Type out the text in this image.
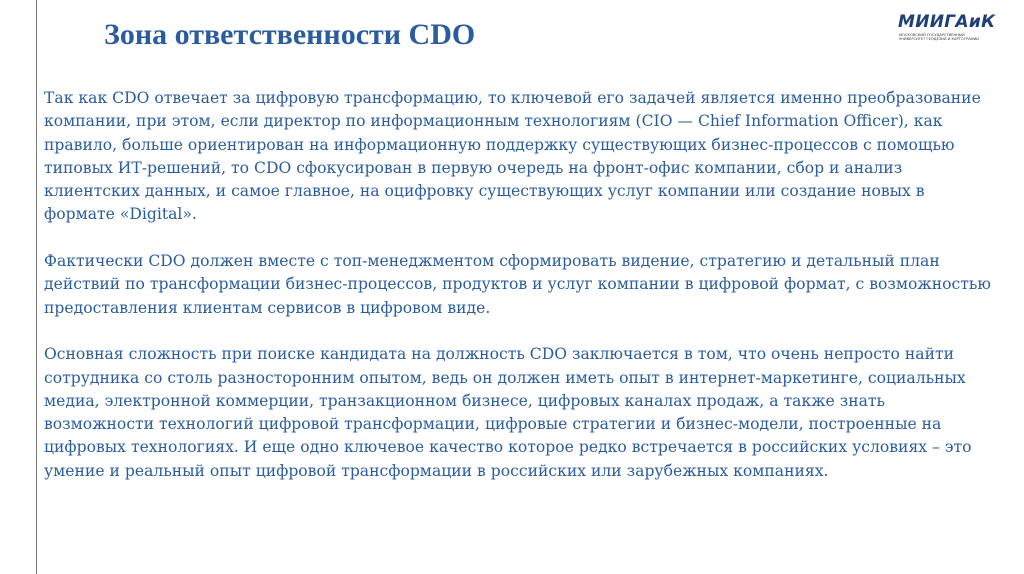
Зона ответственности CDO	МИИГАиК
МОСКОВСКИЙ ГОСУДАРСТВЕННЫЙ УНИВЕРСИТЕТ ГЕОДЕЗИИ И КАРТОГРАФИИ

Так как CDO отвечает за цифровую трансформацию, то ключевой его задачей является именно преобразование компании, при этом, если директор по информационным технологиям (CIO — Chief Information Officer), как правило, больше ориентирован на информационную поддержку существующих бизнес-процессов с помощью типовых ИТ-решений, то CDO сфокусирован в первую очередь на фронт-офис компании, сбор и анализ клиентских данных, и самое главное, на оцифровку существующих услуг компании или создание новых в формате «Digital».

Фактически CDO должен вместе с топ-менеджментом сформировать видение, стратегию и детальный план действий по трансформации бизнес-процессов, продуктов и услуг компании в цифровой формат, с возможностью предоставления клиентам сервисов в цифровом виде.

Основная сложность при поиске кандидата на должность CDO заключается в том, что очень непросто найти сотрудника со столь разносторонним опытом, ведь он должен иметь опыт в интернет-маркетинге, социальных медиа, электронной коммерции, транзакционном бизнесе, цифровых каналах продаж, а также знать возможности технологий цифровой трансформации, цифровые стратегии и бизнес-модели, построенные на цифровых технологиях. И еще одно ключевое качество которое редко встречается в российских условиях – это умение и реальный опыт цифровой трансформации в российских или зарубежных компаниях.
